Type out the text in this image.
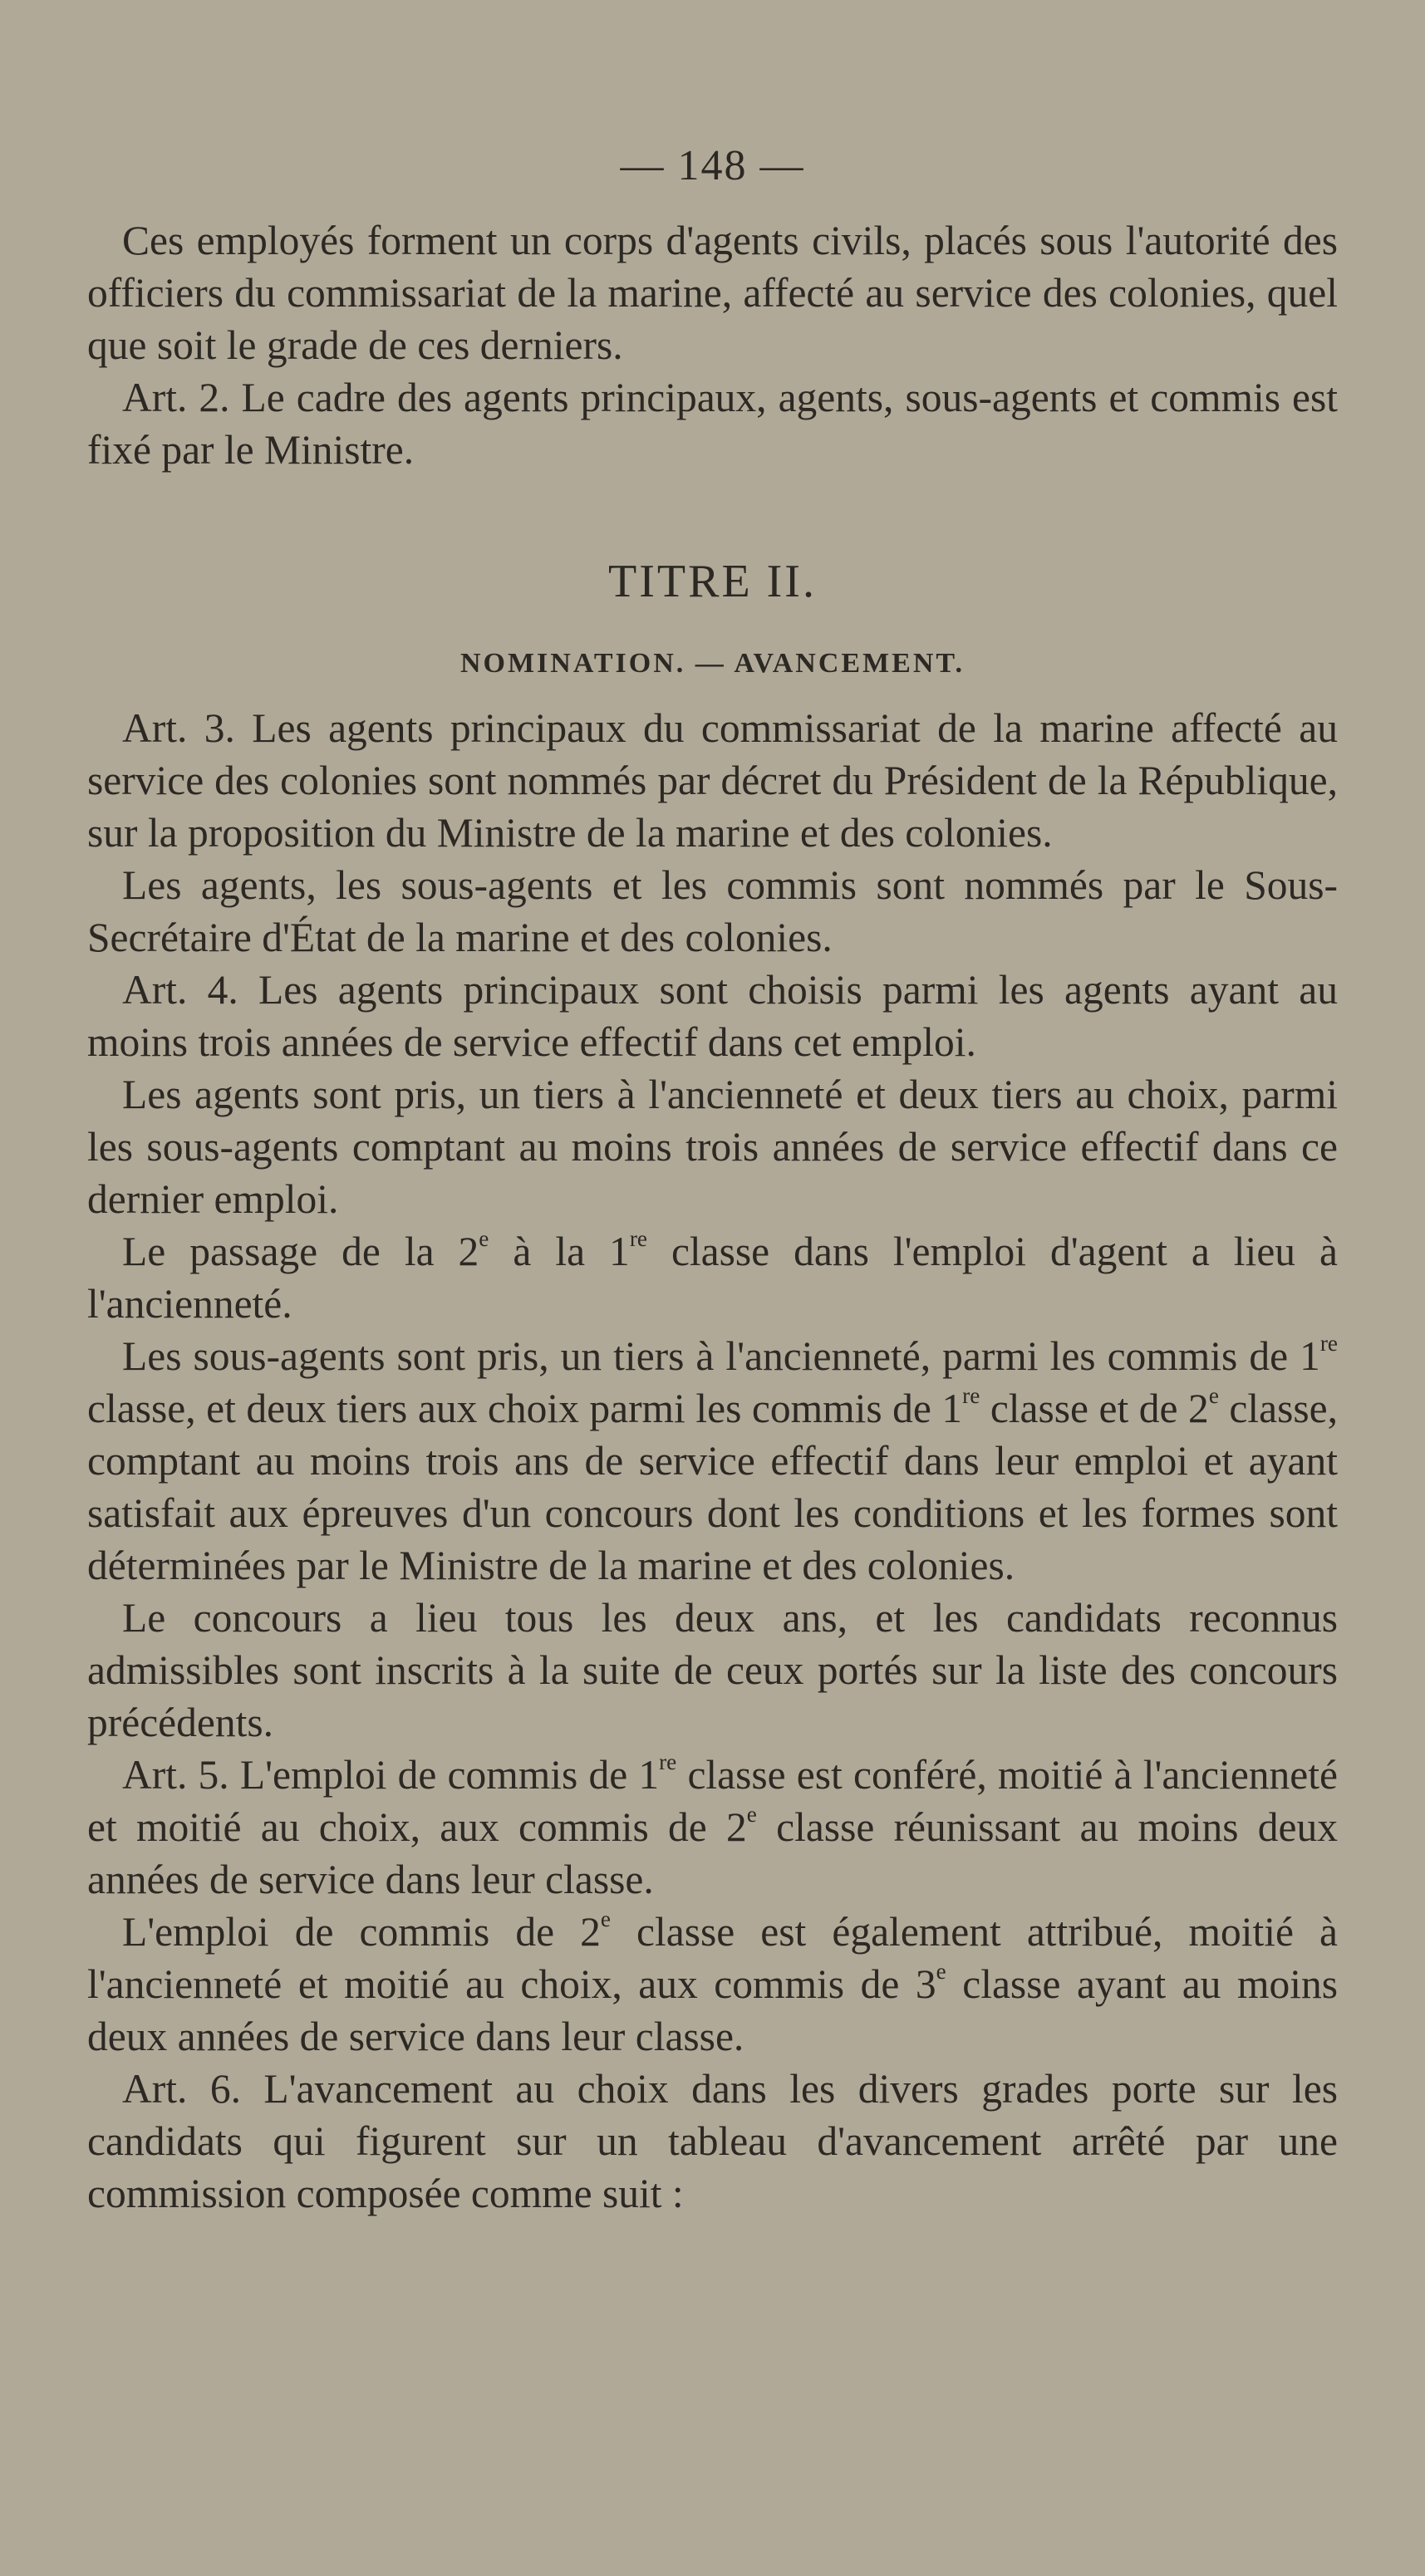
— 148 —

Ces employés forment un corps d'agents civils, placés sous l'autorité des officiers du commissariat de la marine, affecté au service des colonies, quel que soit le grade de ces derniers.

Art. 2. Le cadre des agents principaux, agents, sous-agents et commis est fixé par le Ministre.

TITRE II.
NOMINATION. — AVANCEMENT.

Art. 3. Les agents principaux du commissariat de la marine affecté au service des colonies sont nommés par décret du Président de la République, sur la proposition du Ministre de la marine et des colonies.

Les agents, les sous-agents et les commis sont nommés par le Sous-Secrétaire d'État de la marine et des colonies.

Art. 4. Les agents principaux sont choisis parmi les agents ayant au moins trois années de service effectif dans cet emploi.

Les agents sont pris, un tiers à l'ancienneté et deux tiers au choix, parmi les sous-agents comptant au moins trois années de service effectif dans ce dernier emploi.

Le passage de la 2e à la 1re classe dans l'emploi d'agent a lieu à l'ancienneté.

Les sous-agents sont pris, un tiers à l'ancienneté, parmi les commis de 1re classe, et deux tiers aux choix parmi les commis de 1re classe et de 2e classe, comptant au moins trois ans de service effectif dans leur emploi et ayant satisfait aux épreuves d'un concours dont les conditions et les formes sont déterminées par le Ministre de la marine et des colonies.

Le concours a lieu tous les deux ans, et les candidats reconnus admissibles sont inscrits à la suite de ceux portés sur la liste des concours précédents.

Art. 5. L'emploi de commis de 1re classe est conféré, moitié à l'ancienneté et moitié au choix, aux commis de 2e classe réunissant au moins deux années de service dans leur classe.

L'emploi de commis de 2e classe est également attribué, moitié à l'ancienneté et moitié au choix, aux commis de 3e classe ayant au moins deux années de service dans leur classe.

Art. 6. L'avancement au choix dans les divers grades porte sur les candidats qui figurent sur un tableau d'avancement arrêté par une commission composée comme suit :
